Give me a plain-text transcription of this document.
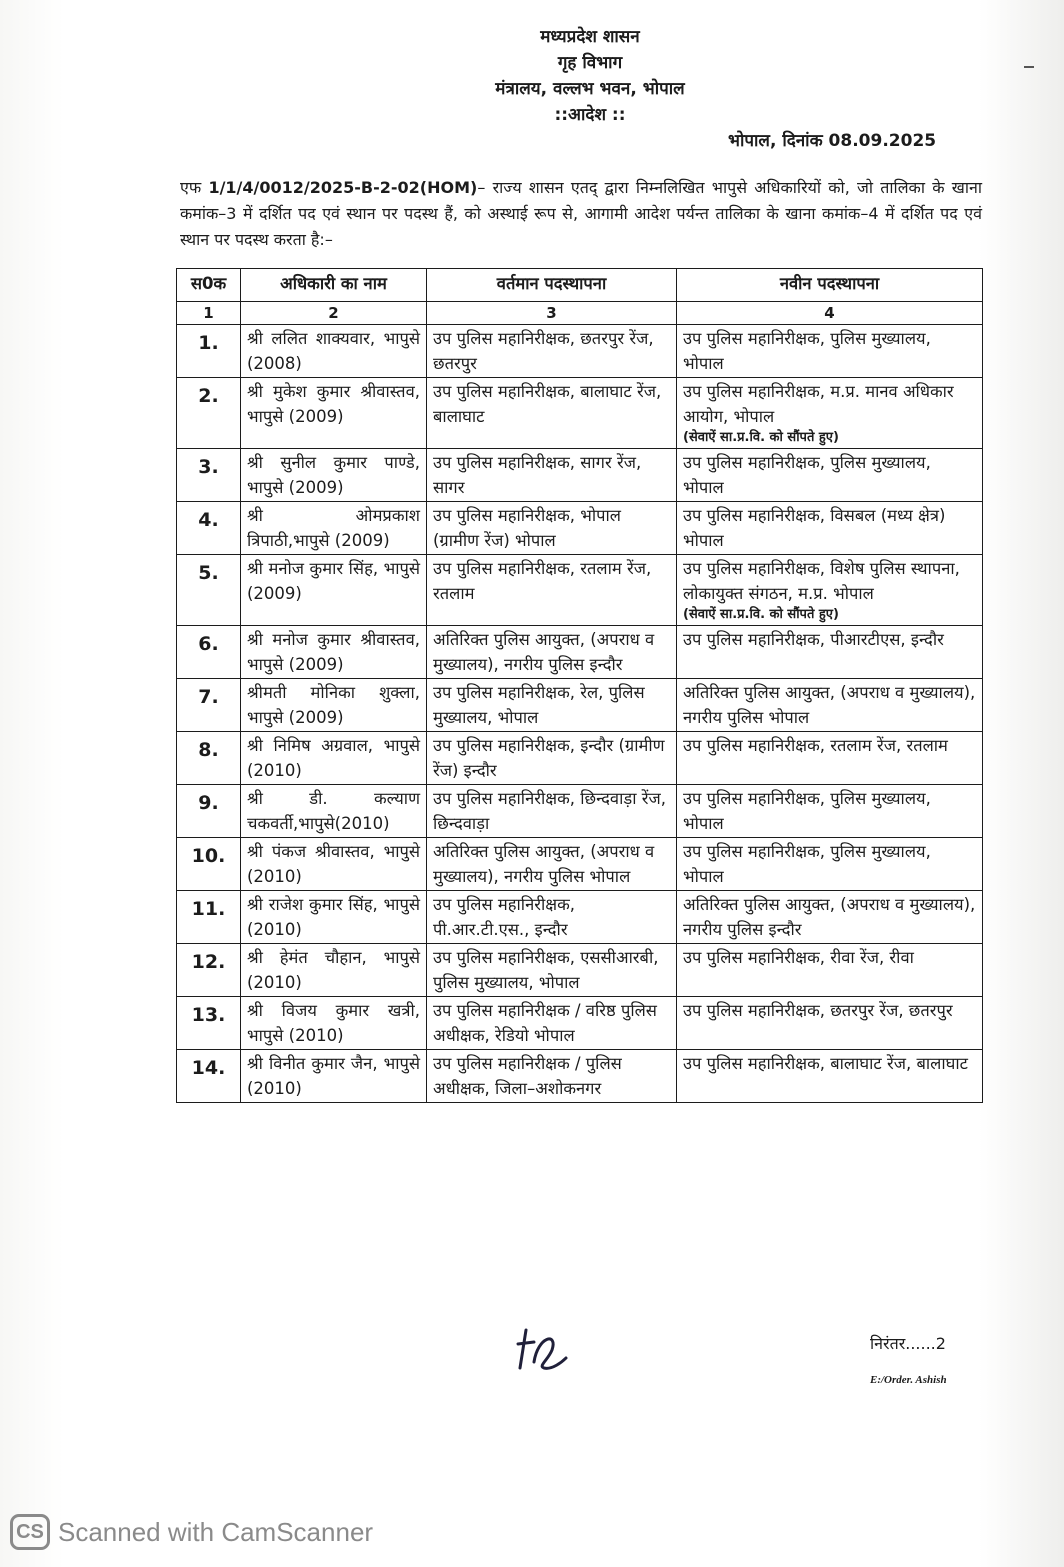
मध्यप्रदेश शासन
गृह विभाग
मंत्रालय, वल्लभ भवन, भोपाल
::आदेश ::
भोपाल, दिनांक 08.09.2025
एफ 1/1/4/0012/2025-B-2-02(HOM)– राज्य शासन एतद् द्वारा निम्नलिखित भापुसे अधिकारियों को, जो तालिका के खाना कमांक–3 में दर्शित पद एवं स्थान पर पदस्थ हैं, को अस्थाई रूप से, आगामी आदेश पर्यन्त तालिका के खाना कमांक–4 में दर्शित पद एवं स्थान पर पदस्थ करता है:–
स0क	अधिकारी का नाम	वर्तमान पदस्थापना	नवीन पदस्थापना
1	2	3	4

1.	श्री ललित शाक्यवार, भापुसे (2008)	उप पुलिस महानिरीक्षक, छतरपुर रेंज, छतरपुर	उप पुलिस महानिरीक्षक, पुलिस मुख्यालय, भोपाल

2.	श्री मुकेश कुमार श्रीवास्तव, भापुसे (2009)	उप पुलिस महानिरीक्षक, बालाघाट रेंज, बालाघाट	उप पुलिस महानिरीक्षक, म.प्र. मानव अधिकार आयोग, भोपाल
(सेवाऐं सा.प्र.वि. को सौंपते हुए)

3.	श्री सुनील कुमार पाण्डे, भापुसे (2009)	उप पुलिस महानिरीक्षक, सागर रेंज, सागर	उप पुलिस महानिरीक्षक, पुलिस मुख्यालय, भोपाल

4.	श्री ओमप्रकाश त्रिपाठी,भापुसे (2009)	उप पुलिस महानिरीक्षक, भोपाल (ग्रामीण रेंज) भोपाल	उप पुलिस महानिरीक्षक, विसबल (मध्य क्षेत्र) भोपाल

5.	श्री मनोज कुमार सिंह, भापुसे (2009)	उप पुलिस महानिरीक्षक, रतलाम रेंज, रतलाम	उप पुलिस महानिरीक्षक, विशेष पुलिस स्थापना, लोकायुक्त संगठन, म.प्र. भोपाल
(सेवाऐं सा.प्र.वि. को सौंपते हुए)

6.	श्री मनोज कुमार श्रीवास्तव, भापुसे (2009)	अतिरिक्त पुलिस आयुक्त, (अपराध व मुख्यालय), नगरीय पुलिस इन्दौर	उप पुलिस महानिरीक्षक, पीआरटीएस, इन्दौर

7.	श्रीमती मोनिका शुक्ला, भापुसे (2009)	उप पुलिस महानिरीक्षक, रेल, पुलिस मुख्यालय, भोपाल	अतिरिक्त पुलिस आयुक्त, (अपराध व मुख्यालय), नगरीय पुलिस भोपाल

8.	श्री निमिष अग्रवाल, भापुसे (2010)	उप पुलिस महानिरीक्षक, इन्दौर (ग्रामीण रेंज) इन्दौर	उप पुलिस महानिरीक्षक, रतलाम रेंज, रतलाम

9.	श्री डी. कल्याण चकवर्ती,भापुसे(2010)	उप पुलिस महानिरीक्षक, छिन्दवाड़ा रेंज, छिन्दवाड़ा	उप पुलिस महानिरीक्षक, पुलिस मुख्यालय, भोपाल

10.	श्री पंकज श्रीवास्तव, भापुसे (2010)	अतिरिक्त पुलिस आयुक्त, (अपराध व मुख्यालय), नगरीय पुलिस भोपाल	उप पुलिस महानिरीक्षक, पुलिस मुख्यालय, भोपाल

11.	श्री राजेश कुमार सिंह, भापुसे (2010)	उप पुलिस महानिरीक्षक, पी.आर.टी.एस., इन्दौर	अतिरिक्त पुलिस आयुक्त, (अपराध व मुख्यालय), नगरीय पुलिस इन्दौर

12.	श्री हेमंत चौहान, भापुसे (2010)	उप पुलिस महानिरीक्षक, एससीआरबी, पुलिस मुख्यालय, भोपाल	उप पुलिस महानिरीक्षक, रीवा रेंज, रीवा

13.	श्री विजय कुमार खत्री, भापुसे (2010)	उप पुलिस महानिरीक्षक / वरिष्ठ पुलिस अधीक्षक, रेडियो भोपाल	उप पुलिस महानिरीक्षक, छतरपुर रेंज, छतरपुर

14.	श्री विनीत कुमार जैन, भापुसे (2010)	उप पुलिस महानिरीक्षक / पुलिस अधीक्षक, जिला–अशोकनगर	उप पुलिस महानिरीक्षक, बालाघाट रेंज, बालाघाट
निरंतर......2
E:/Order. Ashish
CS Scanned with CamScanner
